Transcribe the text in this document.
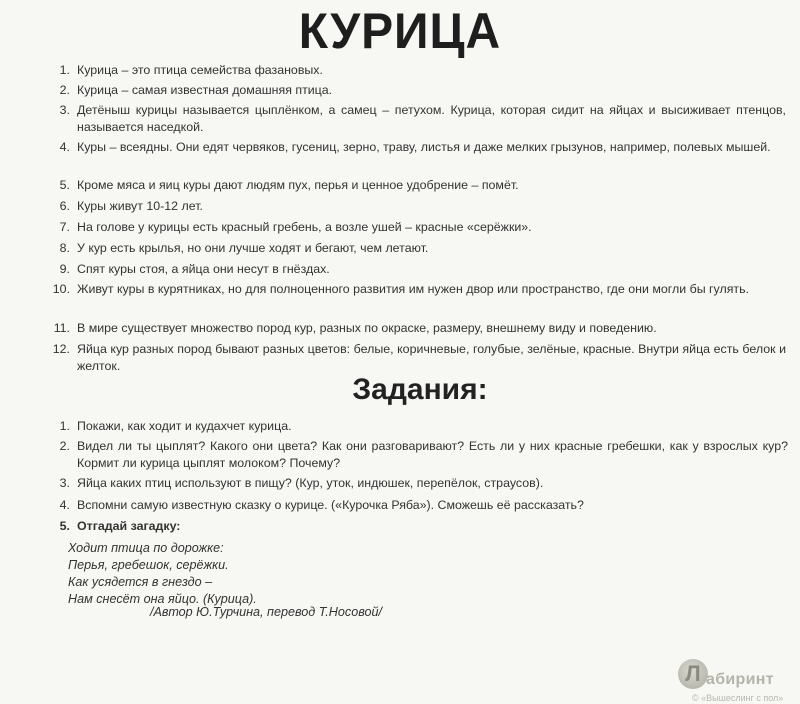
КУРИЦА
1. Курица – это птица семейства фазановых.
2. Курица – самая известная домашняя птица.
3. Детёныш курицы называется цыплёнком, а самец – петухом. Курица, которая сидит на яйцах и высиживает птенцов, называется наседкой.
4. Куры – всеядны. Они едят червяков, гусениц, зерно, траву, листья и даже мелких грызунов, например, полевых мышей.
5. Кроме мяса и яиц куры дают людям пух, перья и ценное удобрение – помёт.
6. Куры живут 10-12 лет.
7. На голове у курицы есть красный гребень, а возле ушей – красные «серёжки».
8. У кур есть крылья, но они лучше ходят и бегают, чем летают.
9. Спят куры стоя, а яйца они несут в гнёздах.
10. Живут куры в курятниках, но для полноценного развития им нужен двор или пространство, где они могли бы гулять.
11. В мире существует множество пород кур, разных по окраске, размеру, внешнему виду и поведению.
12. Яйца кур разных пород бывают разных цветов: белые, коричневые, голубые, зелёные, красные. Внутри яйца есть белок и желток.
Задания:
1. Покажи, как ходит и кудахчет курица.
2. Видел ли ты цыплят? Какого они цвета? Как они разговаривают? Есть ли у них красные гребешки, как у взрослых кур? Кормит ли курица цыплят молоком? Почему?
3. Яйца каких птиц используют в пищу? (Кур, уток, индюшек, перепёлок, страусов).
4. Вспомни самую известную сказку о курице. («Курочка Ряба»). Сможешь её рассказать?
5. Отгадай загадку:
Ходит птица по дорожке:
Перья, гребешок, серёжки.
Как усядется в гнездо –
Нам снесёт она яйцо. (Курица).
/Автор Ю.Турчина, перевод Т.Носовой/
Л абиринт
© «Вышеслинг с пол»
